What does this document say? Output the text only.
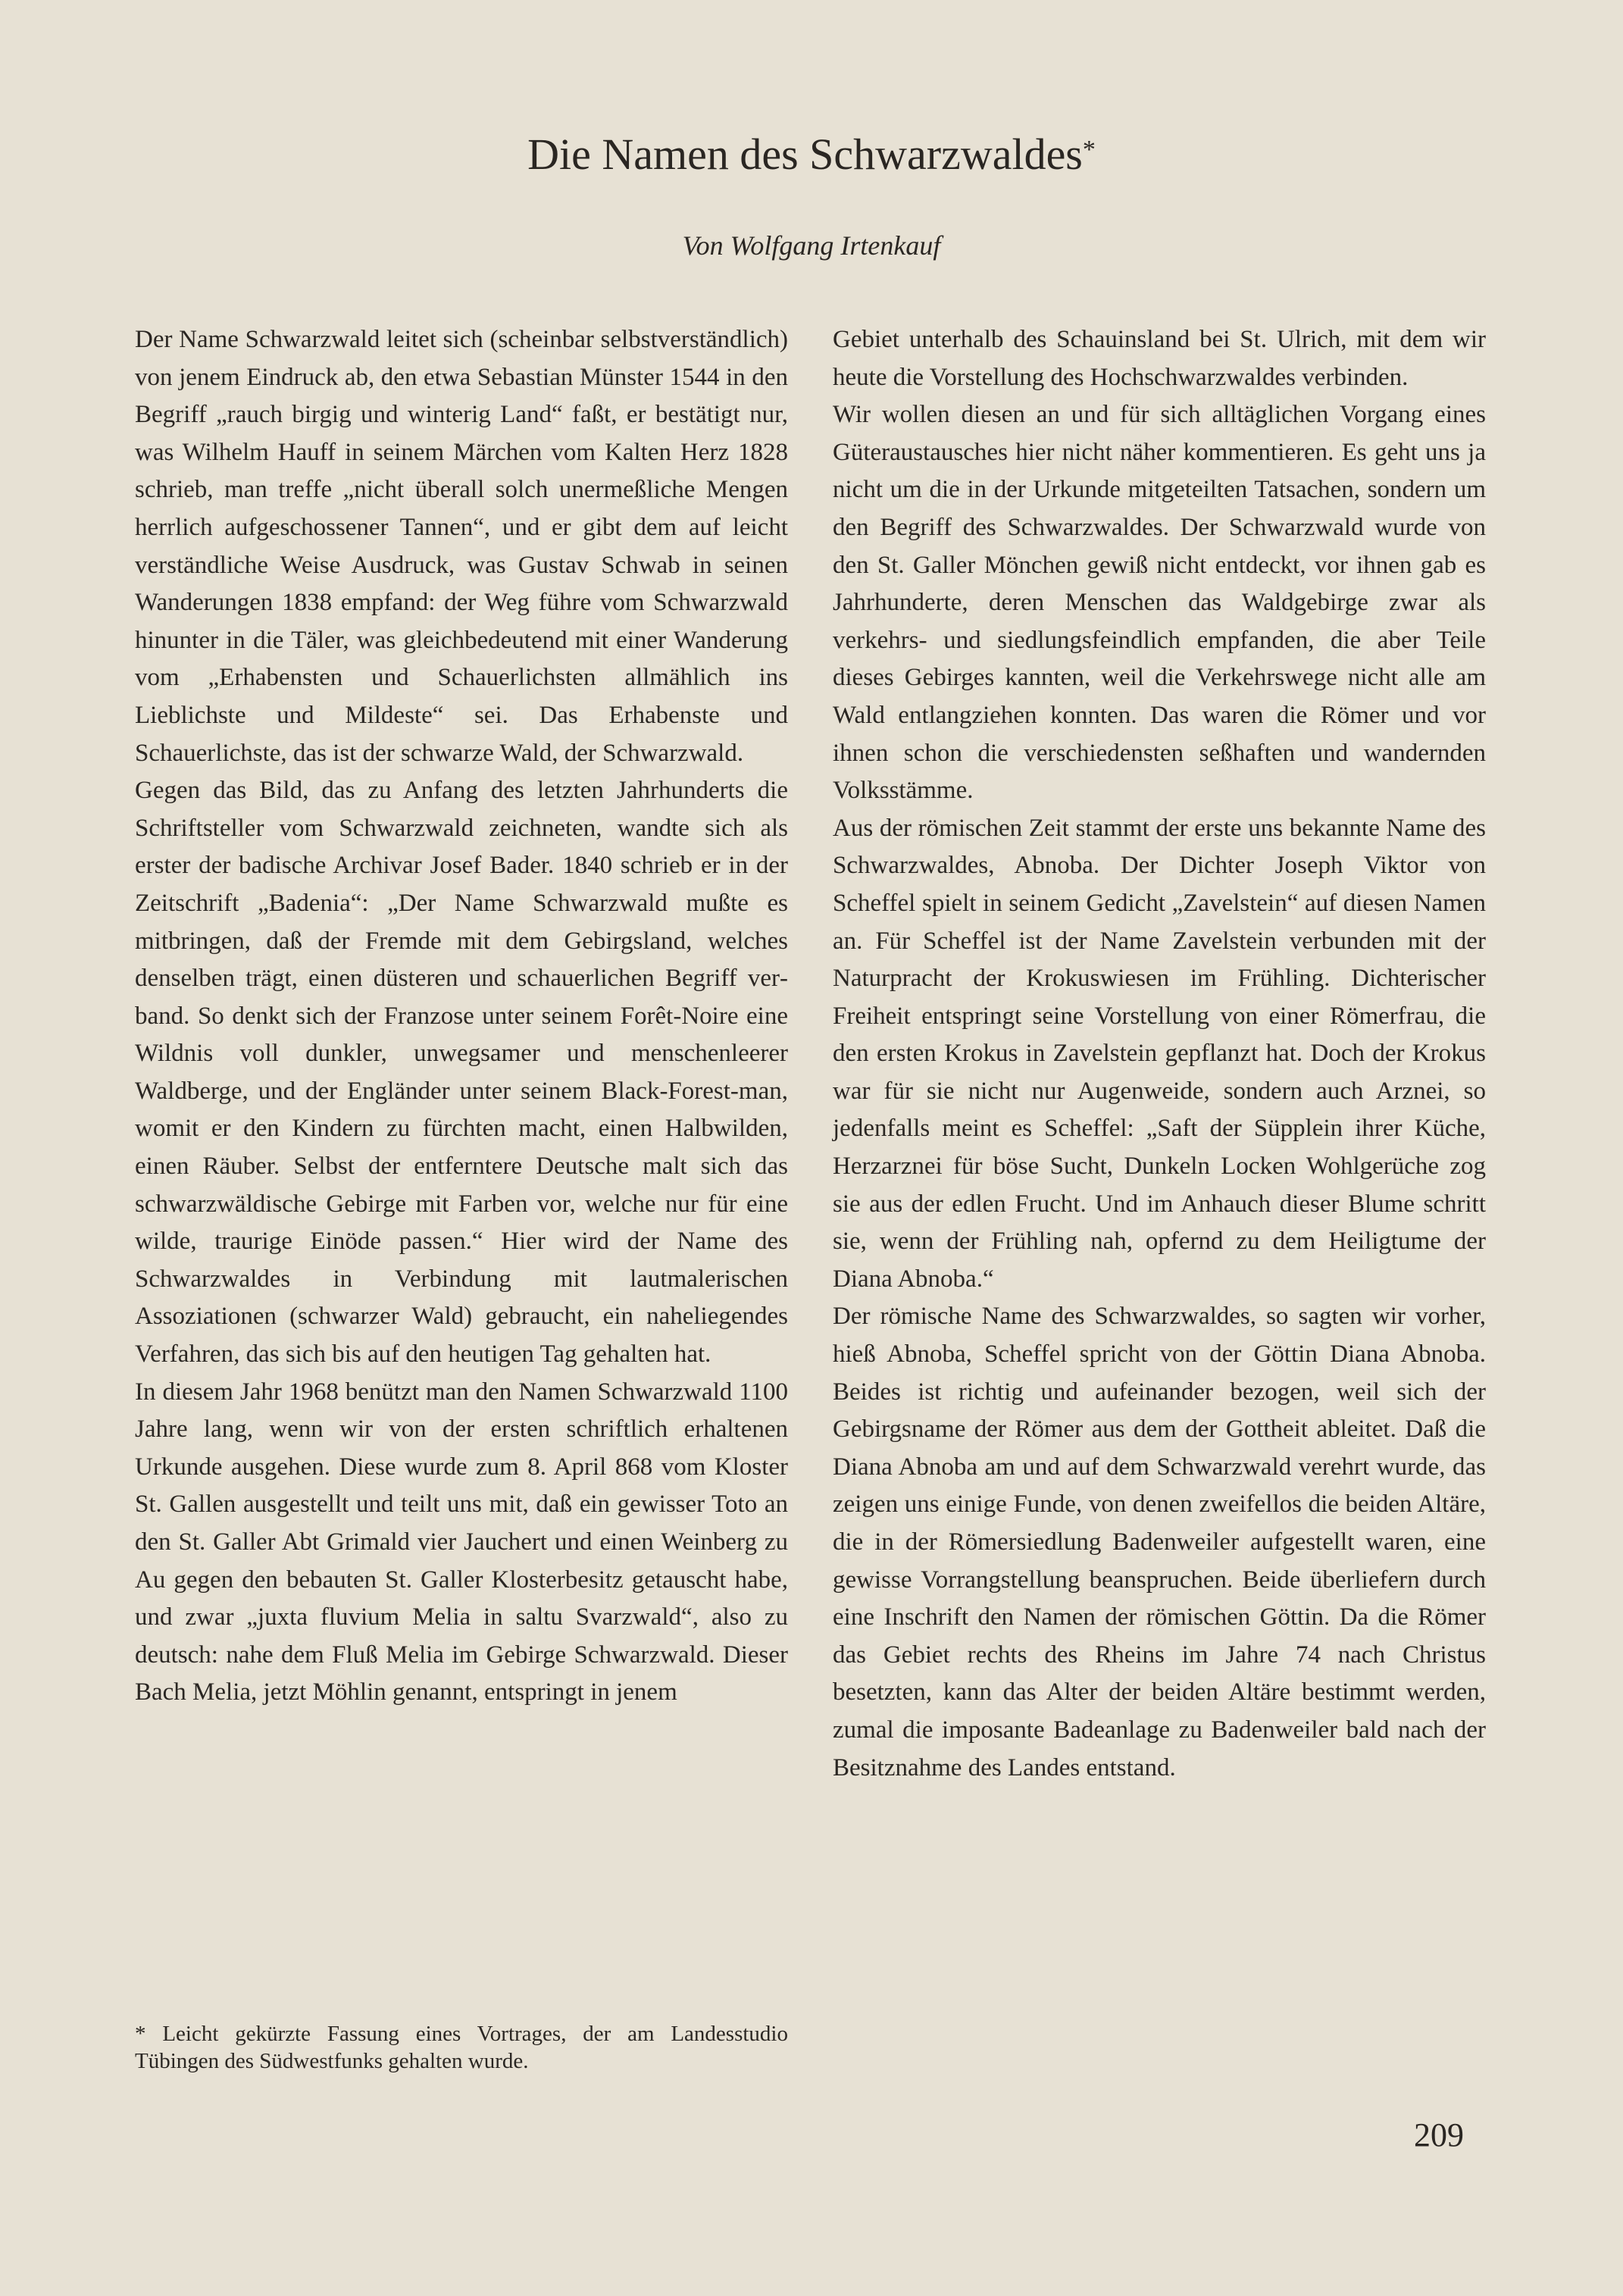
Die Namen des Schwarzwaldes*
Von Wolfgang Irtenkauf

Der Name Schwarzwald leitet sich (scheinbar selbstverständlich) von jenem Eindruck ab, den etwa Sebastian Münster 1544 in den Begriff „rauch birgig und winterig Land“ faßt, er bestätigt nur, was Wilhelm Hauff in seinem Märchen vom Kalten Herz 1828 schrieb, man treffe „nicht überall solch unermeßliche Mengen herrlich aufgeschossener Tannen“, und er gibt dem auf leicht verständliche Weise Ausdruck, was Gustav Schwab in seinen Wanderungen 1838 empfand: der Weg führe vom Schwarzwald hinunter in die Täler, was gleichbedeutend mit einer Wanderung vom „Erhabensten und Schauerlichsten allmählich ins Lieblichste und Mildeste“ sei. Das Erhabenste und Schauerlichste, das ist der schwarze Wald, der Schwarzwald.

Gegen das Bild, das zu Anfang des letzten Jahrhunderts die Schriftsteller vom Schwarzwald zeichneten, wandte sich als erster der badische Archivar Josef Bader. 1840 schrieb er in der Zeitschrift „Badenia“: „Der Name Schwarzwald mußte es mitbringen, daß der Fremde mit dem Gebirgsland, welches denselben trägt, einen düsteren und schauerlichen Begriff verband. So denkt sich der Franzose unter seinem Forêt-Noire eine Wildnis voll dunkler, unwegsamer und menschenleerer Waldberge, und der Engländer unter seinem Black-Forest-man, womit er den Kindern zu fürchten macht, einen Halbwilden, einen Räuber. Selbst der entferntere Deutsche malt sich das schwarzwäldische Gebirge mit Farben vor, welche nur für eine wilde, traurige Einöde passen.“ Hier wird der Name des Schwarzwaldes in Verbindung mit lautmalerischen Assoziationen (schwarzer Wald) gebraucht, ein naheliegendes Verfahren, das sich bis auf den heutigen Tag gehalten hat.

In diesem Jahr 1968 benützt man den Namen Schwarzwald 1100 Jahre lang, wenn wir von der ersten schriftlich erhaltenen Urkunde ausgehen. Diese wurde zum 8. April 868 vom Kloster St. Gallen ausgestellt und teilt uns mit, daß ein gewisser Toto an den St. Galler Abt Grimald vier Jauchert und einen Weinberg zu Au gegen den bebauten St. Galler Klosterbesitz getauscht habe, und zwar „juxta fluvium Melia in saltu Svarzwald“, also zu deutsch: nahe dem Fluß Melia im Gebirge Schwarzwald. Dieser Bach Melia, jetzt Möhlin genannt, entspringt in jenem

Gebiet unterhalb des Schauinsland bei St. Ulrich, mit dem wir heute die Vorstellung des Hochschwarzwaldes verbinden.

Wir wollen diesen an und für sich alltäglichen Vorgang eines Güteraustausches hier nicht näher kommentieren. Es geht uns ja nicht um die in der Urkunde mitgeteilten Tatsachen, sondern um den Begriff des Schwarzwaldes. Der Schwarzwald wurde von den St. Galler Mönchen gewiß nicht entdeckt, vor ihnen gab es Jahrhunderte, deren Menschen das Waldgebirge zwar als verkehrs- und siedlungsfeindlich empfanden, die aber Teile dieses Gebirges kannten, weil die Verkehrswege nicht alle am Wald entlangziehen konnten. Das waren die Römer und vor ihnen schon die verschiedensten seßhaften und wandernden Volksstämme.

Aus der römischen Zeit stammt der erste uns bekannte Name des Schwarzwaldes, Abnoba. Der Dichter Joseph Viktor von Scheffel spielt in seinem Gedicht „Zavelstein“ auf diesen Namen an. Für Scheffel ist der Name Zavelstein verbunden mit der Naturpracht der Krokuswiesen im Frühling. Dichterischer Freiheit entspringt seine Vorstellung von einer Römerfrau, die den ersten Krokus in Zavelstein gepflanzt hat. Doch der Krokus war für sie nicht nur Augenweide, sondern auch Arznei, so jedenfalls meint es Scheffel: „Saft der Süpplein ihrer Küche, Herzarznei für böse Sucht, Dunkeln Locken Wohlgerüche zog sie aus der edlen Frucht. Und im Anhauch dieser Blume schritt sie, wenn der Frühling nah, opfernd zu dem Heiligtume der Diana Abnoba.“

Der römische Name des Schwarzwaldes, so sagten wir vorher, hieß Abnoba, Scheffel spricht von der Göttin Diana Abnoba. Beides ist richtig und aufeinander bezogen, weil sich der Gebirgsname der Römer aus dem der Gottheit ableitet. Daß die Diana Abnoba am und auf dem Schwarzwald verehrt wurde, das zeigen uns einige Funde, von denen zweifellos die beiden Altäre, die in der Römersiedlung Badenweiler aufgestellt waren, eine gewisse Vorrangstellung beanspruchen. Beide überliefern durch eine Inschrift den Namen der römischen Göttin. Da die Römer das Gebiet rechts des Rheins im Jahre 74 nach Christus besetzten, kann das Alter der beiden Altäre bestimmt werden, zumal die imposante Badeanlage zu Badenweiler bald nach der Besitznahme des Landes entstand.

* Leicht gekürzte Fassung eines Vortrages, der am Landesstudio Tübingen des Südwestfunks gehalten wurde.
209
